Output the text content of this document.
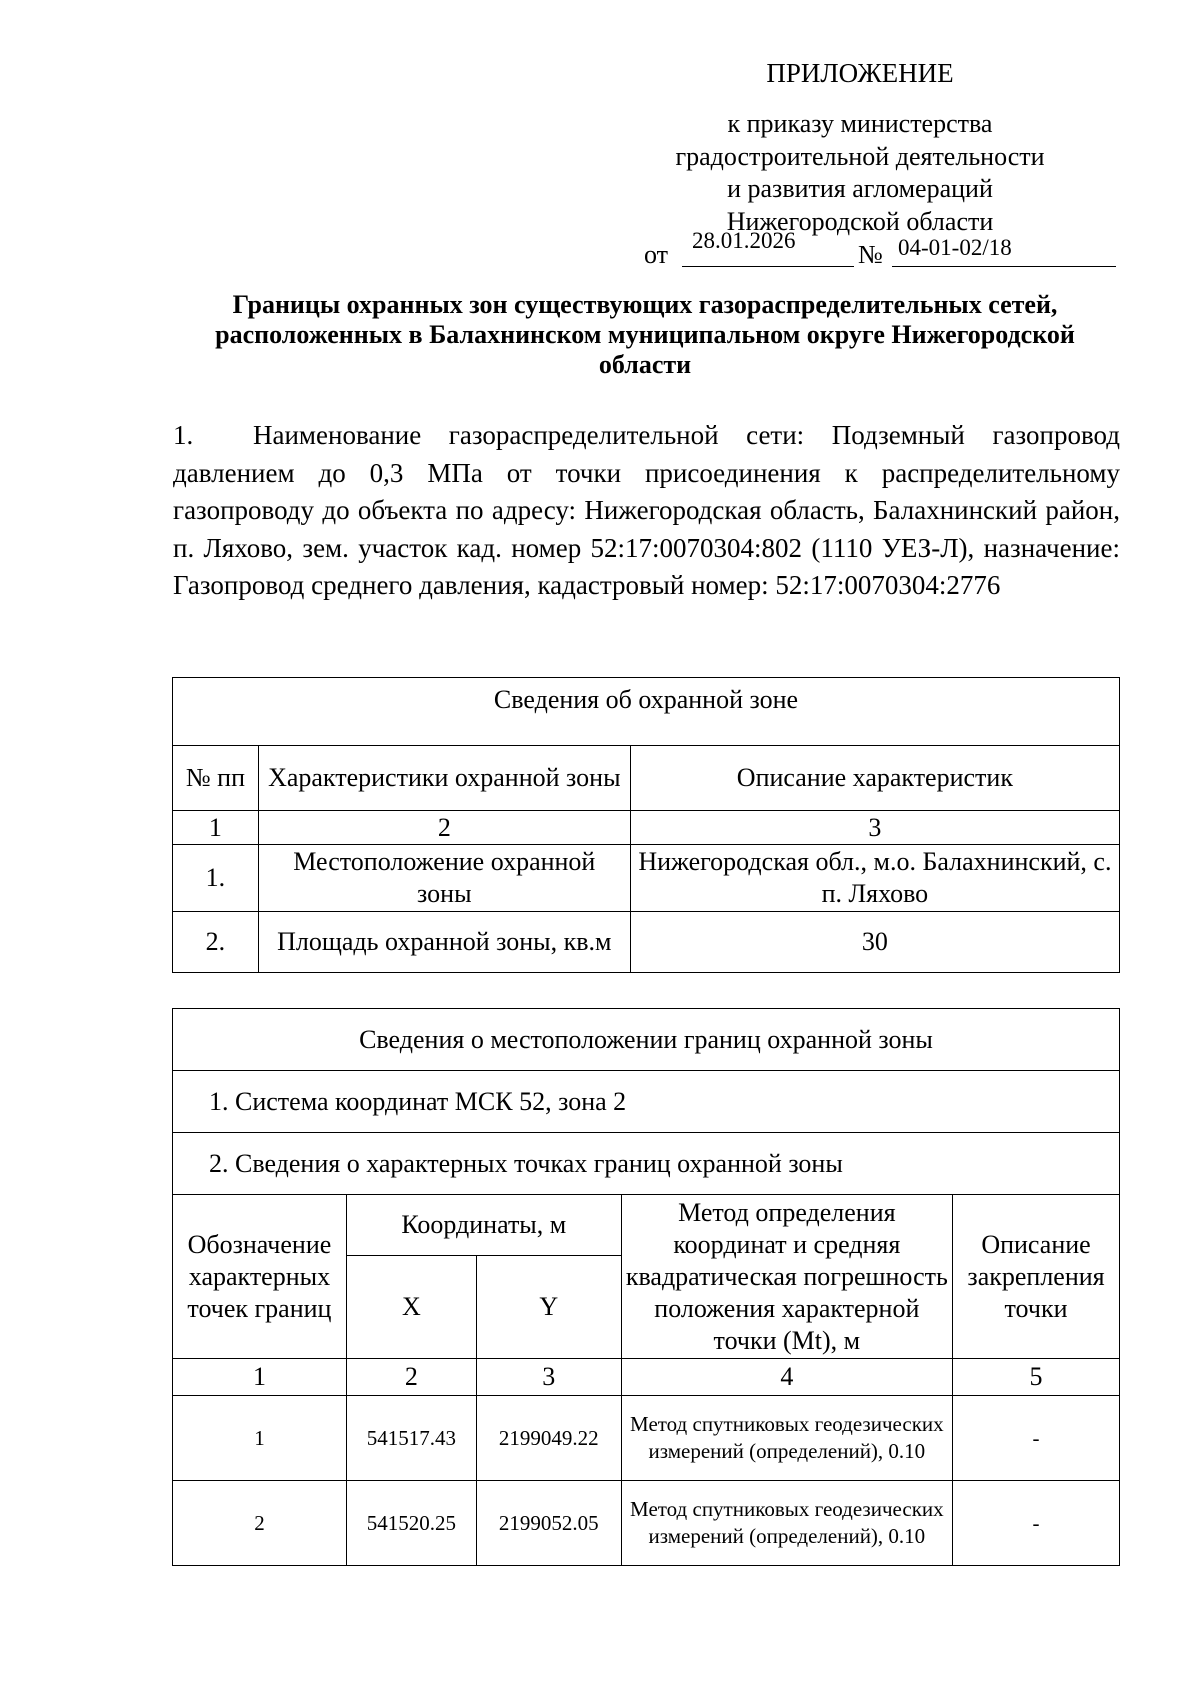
ПРИЛОЖЕНИЕ
к приказу министерства
градостроительной деятельности
и развития агломераций
Нижегородской области
от 28.01.2026 № 04-01-02/18
Границы охранных зон существующих газораспределительных сетей, расположенных в Балахнинском муниципальном округе Нижегородской области
1. Наименование газораспределительной сети: Подземный газопровод давлением до 0,3 МПа от точки присоединения к распределительному газопроводу до объекта по адресу: Нижегородская область, Балахнинский район, п. Ляхово, зем. участок кад. номер 52:17:0070304:802 (1110 УЕЗ-Л), назначение: Газопровод среднего давления, кадастровый номер: 52:17:0070304:2776
Сведения об охранной зоне		
№ пп	Характеристики охранной зоны	Описание характеристик
1	2	3
1.	Местоположение охранной зоны	Нижегородская обл., м.о. Балахнинский, с. п. Ляхово
2.	Площадь охранной зоны, кв.м	30
Сведения о местоположении границ охранной зоны				
1. Система координат МСК 52, зона 2				
2. Сведения о характерных точках границ охранной зоны				
Обозначение характерных точек границ	Координаты, м		Метод определения координат и средняя квадратическая погрешность положения характерной точки (Mt), м	Описание закрепления точки
	X	Y		
1	2	3	4	5
1	541517.43	2199049.22	Метод спутниковых геодезических измерений (определений), 0.10	-
2	541520.25	2199052.05	Метод спутниковых геодезических измерений (определений), 0.10	-
